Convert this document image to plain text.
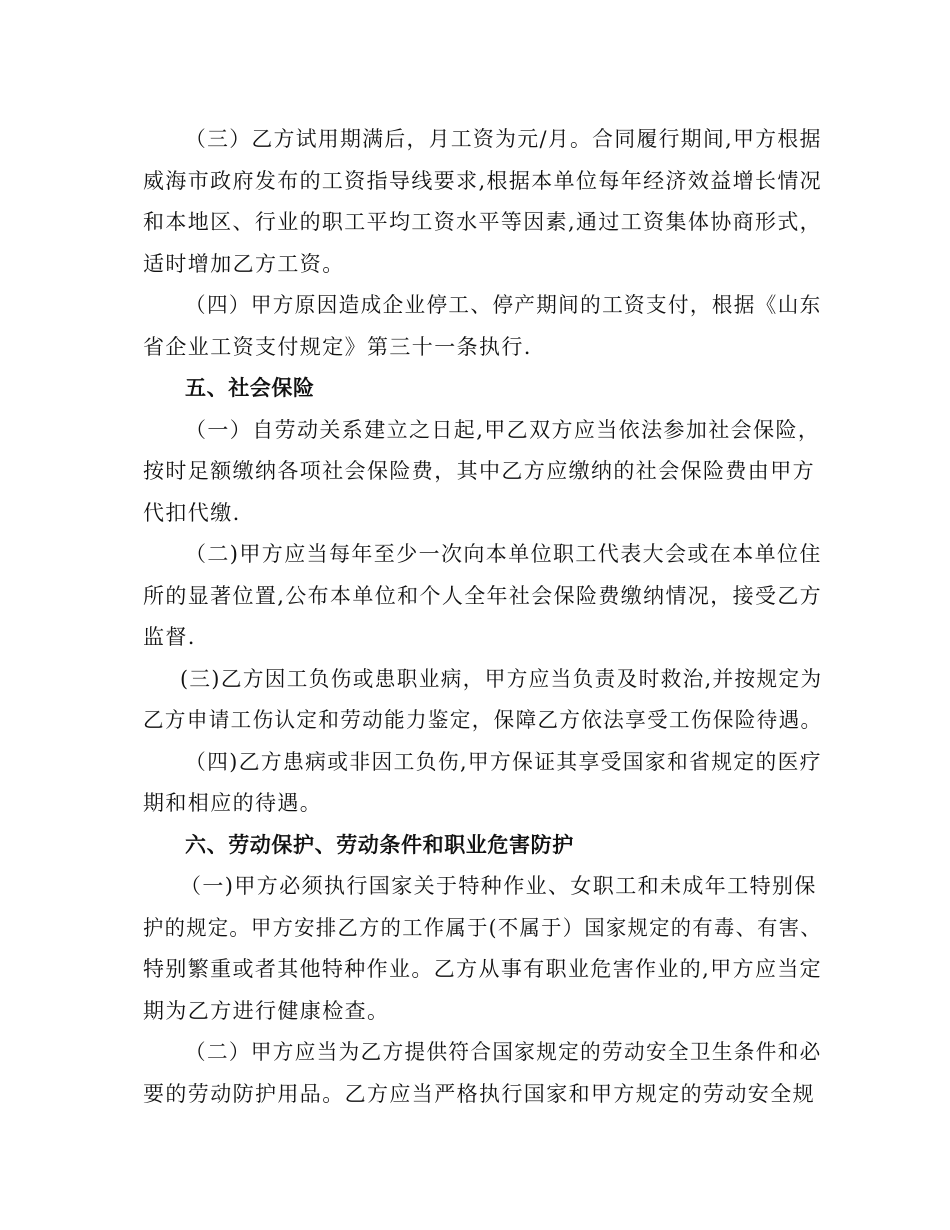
（三）乙方试用期满后，月工资为元/月。合同履行期间,甲方根据
威海市政府发布的工资指导线要求,根据本单位每年经济效益增长情况
和本地区、行业的职工平均工资水平等因素,通过工资集体协商形式，
适时增加乙方工资。
（四）甲方原因造成企业停工、停产期间的工资支付，根据《山东
省企业工资支付规定》第三十一条执行.
五、社会保险
（一）自劳动关系建立之日起,甲乙双方应当依法参加社会保险，
按时足额缴纳各项社会保险费，其中乙方应缴纳的社会保险费由甲方
代扣代缴.
（二)甲方应当每年至少一次向本单位职工代表大会或在本单位住
所的显著位置,公布本单位和个人全年社会保险费缴纳情况，接受乙方
监督.
(三)乙方因工负伤或患职业病，甲方应当负责及时救治,并按规定为
乙方申请工伤认定和劳动能力鉴定，保障乙方依法享受工伤保险待遇。
（四)乙方患病或非因工负伤,甲方保证其享受国家和省规定的医疗
期和相应的待遇。
六、劳动保护、劳动条件和职业危害防护
（一)甲方必须执行国家关于特种作业、女职工和未成年工特别保
护的规定。甲方安排乙方的工作属于(不属于）国家规定的有毒、有害、
特别繁重或者其他特种作业。乙方从事有职业危害作业的,甲方应当定
期为乙方进行健康检查。
（二）甲方应当为乙方提供符合国家规定的劳动安全卫生条件和必
要的劳动防护用品。乙方应当严格执行国家和甲方规定的劳动安全规
